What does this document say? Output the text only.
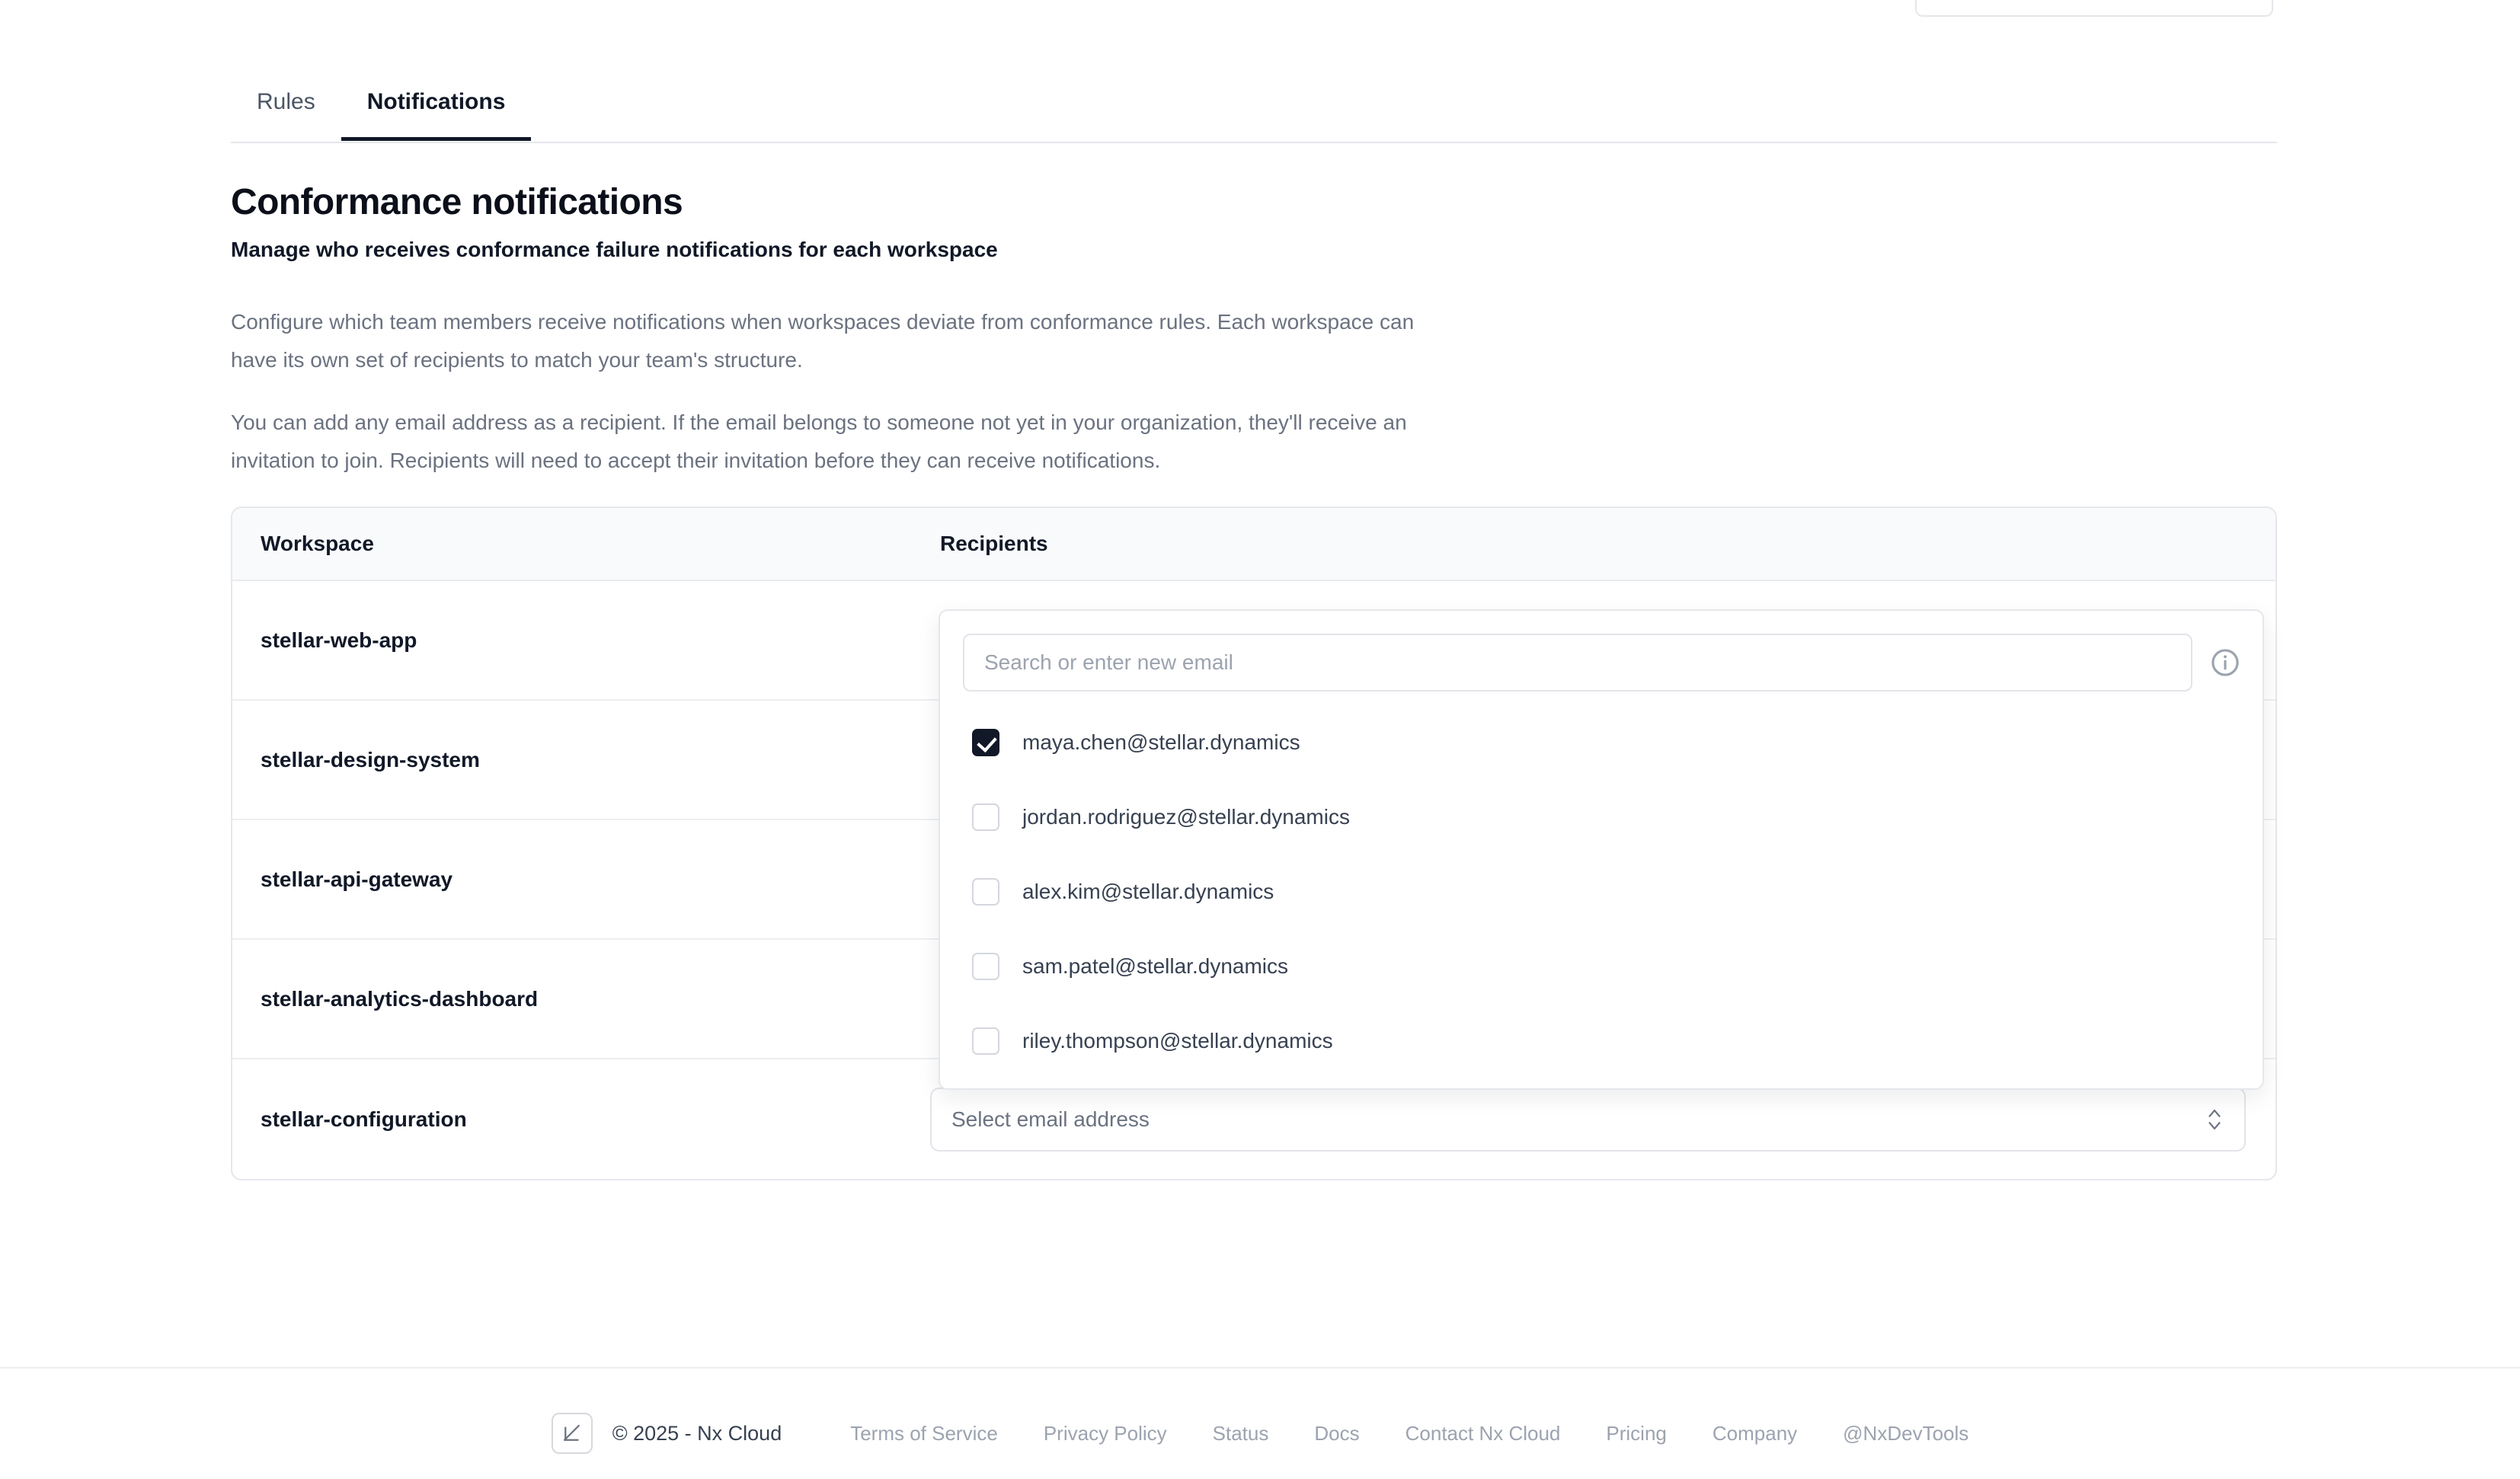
Rules	Notifications
Conformance notifications
Manage who receives conformance failure notifications for each workspace
Configure which team members receive notifications when workspaces deviate from conformance rules. Each workspace can have its own set of recipients to match your team's structure.
You can add any email address as a recipient. If the email belongs to someone not yet in your organization, they'll receive an invitation to join. Recipients will need to accept their invitation before they can receive notifications.
Workspace	Recipients
stellar-web-app
stellar-design-system
stellar-api-gateway
stellar-analytics-dashboard
stellar-configuration	Select email address
Search or enter new email
maya.chen@stellar.dynamics
jordan.rodriguez@stellar.dynamics
alex.kim@stellar.dynamics
sam.patel@stellar.dynamics
riley.thompson@stellar.dynamics
© 2025 - Nx Cloud	Terms of Service Privacy Policy Status Docs Contact Nx Cloud Pricing Company @NxDevTools
